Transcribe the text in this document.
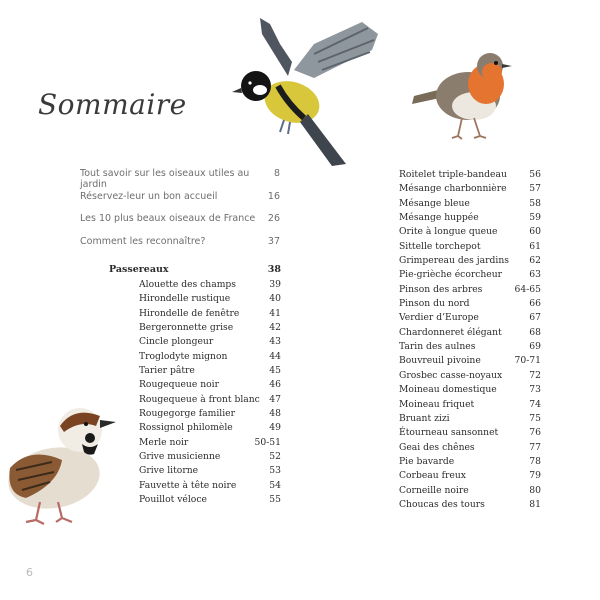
Sommaire
Tout savoir sur les oiseaux utiles au jardin
8
Réservez-leur un bon accueil	16
Les 10 plus beaux oiseaux de France 26
Comment les reconnaître?	37
Passereaux	38
Alouette des champs	39
Hirondelle rustique	40
Hirondelle de fenêtre	41
Bergeronnette grise	42
Cincle plongeur	43
Troglodyte mignon	44
Tarier pâtre	45
Rougequeue noir	46
Rougequeue à front blanc 47
Rougegorge familier	48
Rossignol philomèle	49
Merle noir	50-51
Grive musicienne	52
Grive litorne	53
Fauvette à tête noire	54
Pouillot véloce	55
Roitelet triple-bandeau 56
Mésange charbonnière 57
Mésange bleue	58
Mésange huppée	59
Orite à longue queue	60
Sittelle torchepot	61
Grimpereau des jardins 62
Pie-grièche écorcheur	63
Pinson des arbres	64-65
Pinson du nord	66
Verdier d’Europe	67
Chardonneret élégant	68
Tarin des aulnes	69
Bouvreuil pivoine	70-71
Grosbec casse-noyaux	72
Moineau domestique	73
Moineau friquet	74
Bruant zizi	75
Étourneau sansonnet	76
Geai des chênes	77
Pie bavarde	78
Corbeau freux	79
Corneille noire	80
Choucas des tours	81
6
